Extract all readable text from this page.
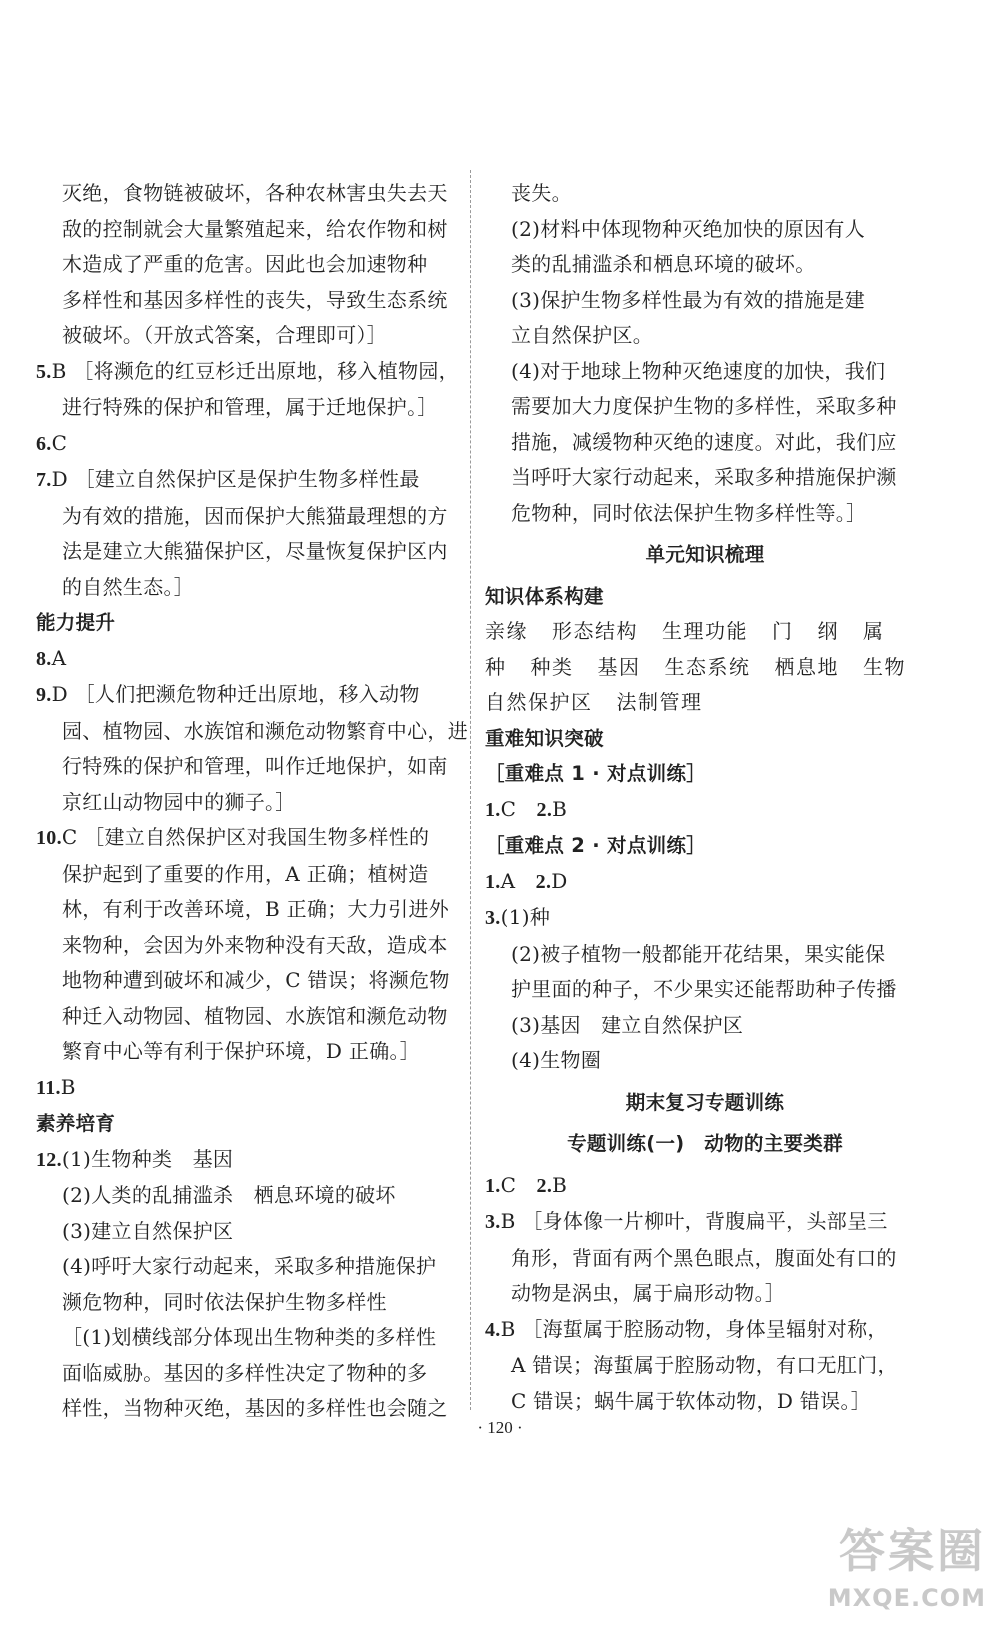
灭绝，食物链被破坏，各种农林害虫失去天
敌的控制就会大量繁殖起来，给农作物和树
木造成了严重的危害。因此也会加速物种
多样性和基因多样性的丧失，导致生态系统
被破坏。（开放式答案，合理即可）］
5.B ［将濒危的红豆杉迁出原地，移入植物园，
进行特殊的保护和管理，属于迁地保护。］
6.C
7.D ［建立自然保护区是保护生物多样性最
为有效的措施，因而保护大熊猫最理想的方
法是建立大熊猫保护区，尽量恢复保护区内
的自然生态。］
能力提升
8.A
9.D ［人们把濒危物种迁出原地，移入动物
园、植物园、水族馆和濒危动物繁育中心，进
行特殊的保护和管理，叫作迁地保护，如南
京红山动物园中的狮子。］
10.C ［建立自然保护区对我国生物多样性的
保护起到了重要的作用，A 正确；植树造
林，有利于改善环境，B 正确；大力引进外
来物种，会因为外来物种没有天敌，造成本
地物种遭到破坏和减少，C 错误；将濒危物
种迁入动物园、植物园、水族馆和濒危动物
繁育中心等有利于保护环境，D 正确。］
11.B
素养培育
12.(1)生物种类　基因
(2)人类的乱捕滥杀　栖息环境的破坏
(3)建立自然保护区
(4)呼吁大家行动起来，采取多种措施保护
濒危物种，同时依法保护生物多样性
［(1)划横线部分体现出生物种类的多样性
面临威胁。基因的多样性决定了物种的多
样性，当物种灭绝，基因的多样性也会随之
丧失。
(2)材料中体现物种灭绝加快的原因有人
类的乱捕滥杀和栖息环境的破坏。
(3)保护生物多样性最为有效的措施是建
立自然保护区。
(4)对于地球上物种灭绝速度的加快，我们
需要加大力度保护生物的多样性，采取多种
措施，减缓物种灭绝的速度。对此，我们应
当呼吁大家行动起来，采取多种措施保护濒
危物种，同时依法保护生物多样性等。］
单元知识梳理
知识体系构建
亲缘 形态结构 生理功能 门 纲 属
种 种类 基因 生态系统 栖息地 生物
自然保护区 法制管理
重难知识突破
［重难点 1 · 对点训练］
1.C　2.B
［重难点 2 · 对点训练］
1.A　2.D
3.(1)种
(2)被子植物一般都能开花结果，果实能保
护里面的种子，不少果实还能帮助种子传播
(3)基因　建立自然保护区
(4)生物圈
期末复习专题训练
专题训练(一)　动物的主要类群
1.C　2.B
3.B ［身体像一片柳叶，背腹扁平，头部呈三
角形，背面有两个黑色眼点，腹面处有口的
动物是涡虫，属于扁形动物。］
4.B ［海蜇属于腔肠动物，身体呈辐射对称，
A 错误；海蜇属于腔肠动物，有口无肛门，
C 错误；蜗牛属于软体动物，D 错误。］
· 120 ·
答案圈
MXQE.COM
